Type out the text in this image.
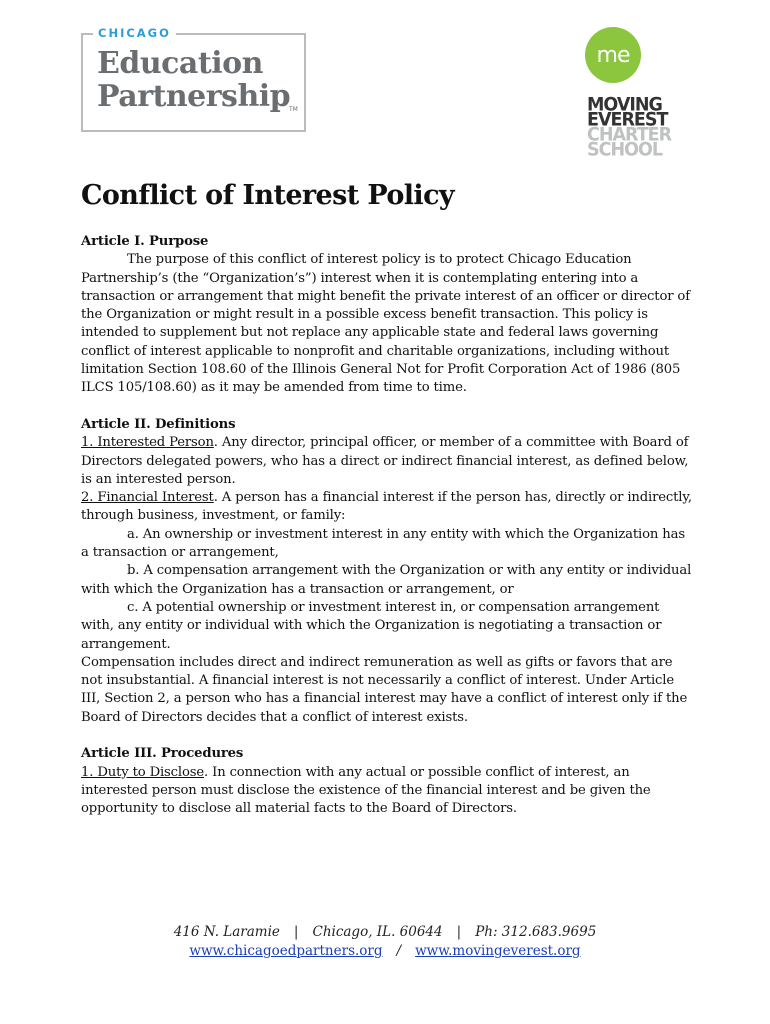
CHICAGO
Education
Partnership
TM
me
MOVING
EVEREST
CHARTER
SCHOOL
Conflict of Interest Policy
Article I. Purpose

The purpose of this conflict of interest policy is to protect Chicago Education Partnership’s (the “Organization’s”) interest when it is contemplating entering into a transaction or arrangement that might benefit the private interest of an officer or director of the Organization or might result in a possible excess benefit transaction. This policy is intended to supplement but not replace any applicable state and federal laws governing conflict of interest applicable to nonprofit and charitable organizations, including without limitation Section 108.60 of the Illinois General Not for Profit Corporation Act of 1986 (805 ILCS 105/108.60) as it may be amended from time to time.

Article II. Definitions

1. Interested Person. Any director, principal officer, or member of a committee with Board of Directors delegated powers, who has a direct or indirect financial interest, as defined below, is an interested person.

2. Financial Interest. A person has a financial interest if the person has, directly or indirectly, through business, investment, or family:

a. An ownership or investment interest in any entity with which the Organization has a transaction or arrangement,

b. A compensation arrangement with the Organization or with any entity or individual with which the Organization has a transaction or arrangement, or

c. A potential ownership or investment interest in, or compensation arrangement with, any entity or individual with which the Organization is negotiating a transaction or arrangement.

Compensation includes direct and indirect remuneration as well as gifts or favors that are not insubstantial. A financial interest is not necessarily a conflict of interest. Under Article III, Section 2, a person who has a financial interest may have a conflict of interest only if the Board of Directors decides that a conflict of interest exists.

Article III. Procedures

1. Duty to Disclose. In connection with any actual or possible conflict of interest, an interested person must disclose the existence of the financial interest and be given the opportunity to disclose all material facts to the Board of Directors.

416 N. Laramie | Chicago, IL. 60644 | Ph: 312.683.9695
www.chicagoedpartners.org / www.movingeverest.org
